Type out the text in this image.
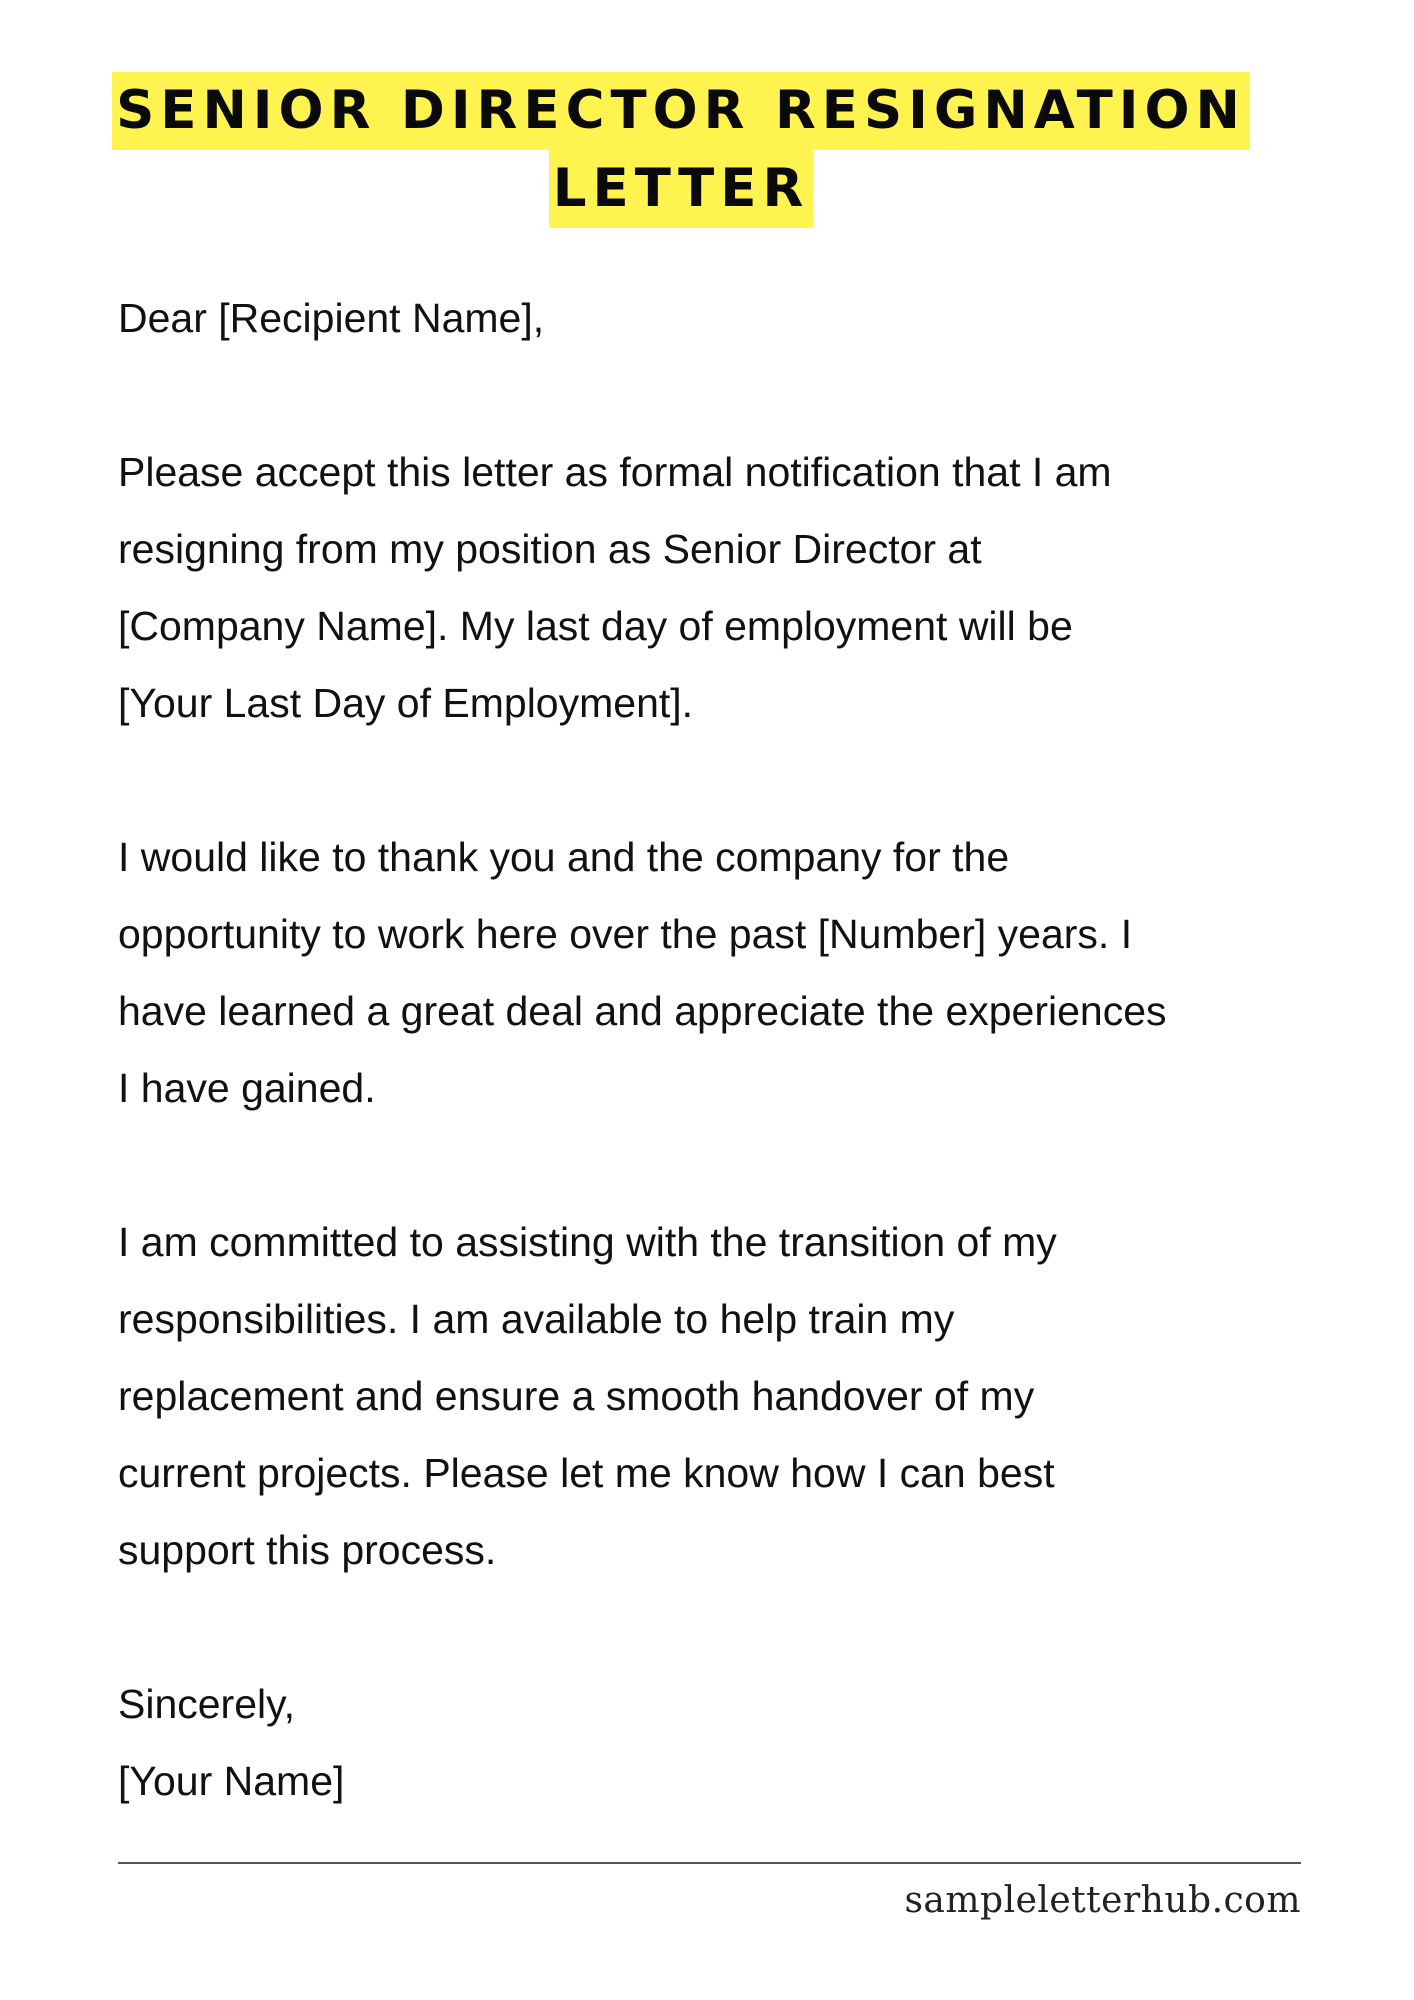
SENIOR DIRECTOR RESIGNATION
LETTER

Dear [Recipient Name],

Please accept this letter as formal notification that I am

resigning from my position as Senior Director at

[Company Name]. My last day of employment will be

[Your Last Day of Employment].

I would like to thank you and the company for the

opportunity to work here over the past [Number] years. I

have learned a great deal and appreciate the experiences

I have gained.

I am committed to assisting with the transition of my

responsibilities. I am available to help train my

replacement and ensure a smooth handover of my

current projects. Please let me know how I can best

support this process.

Sincerely,

[Your Name]

sampleletterhub.com
